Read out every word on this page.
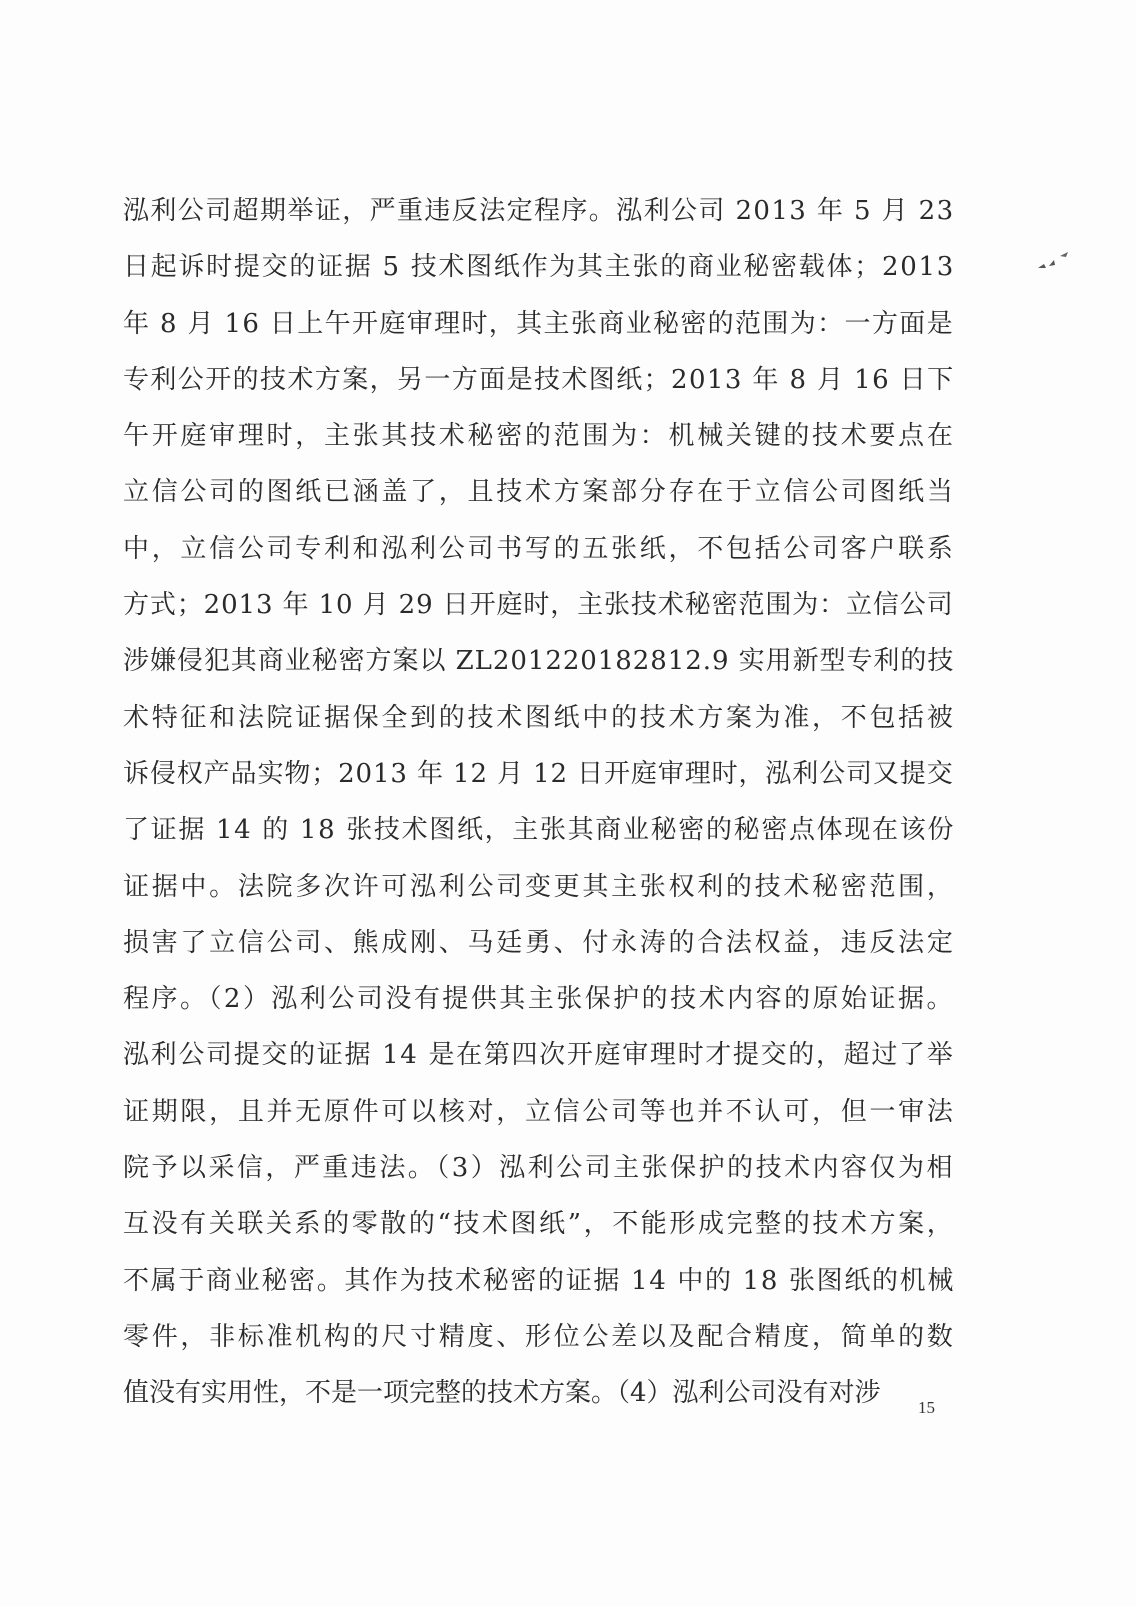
泓利公司超期举证，严重违反法定程序。泓利公司 2013 年 5 月 23
日起诉时提交的证据 5 技术图纸作为其主张的商业秘密载体；2013
年 8 月 16 日上午开庭审理时，其主张商业秘密的范围为：一方面是
专利公开的技术方案，另一方面是技术图纸；2013 年 8 月 16 日下
午开庭审理时，主张其技术秘密的范围为：机械关键的技术要点在
立信公司的图纸已涵盖了，且技术方案部分存在于立信公司图纸当
中，立信公司专利和泓利公司书写的五张纸，不包括公司客户联系
方式；2013 年 10 月 29 日开庭时，主张技术秘密范围为：立信公司
涉嫌侵犯其商业秘密方案以 ZL201220182812.9 实用新型专利的技
术特征和法院证据保全到的技术图纸中的技术方案为准，不包括被
诉侵权产品实物；2013 年 12 月 12 日开庭审理时，泓利公司又提交
了证据 14 的 18 张技术图纸，主张其商业秘密的秘密点体现在该份
证据中。法院多次许可泓利公司变更其主张权利的技术秘密范围，
损害了立信公司、熊成刚、马廷勇、付永涛的合法权益，违反法定
程序。（2）泓利公司没有提供其主张保护的技术内容的原始证据。
泓利公司提交的证据 14 是在第四次开庭审理时才提交的，超过了举
证期限，且并无原件可以核对，立信公司等也并不认可，但一审法
院予以采信，严重违法。（3）泓利公司主张保护的技术内容仅为相
互没有关联关系的零散的“技术图纸”，不能形成完整的技术方案，
不属于商业秘密。其作为技术秘密的证据 14 中的 18 张图纸的机械
零件，非标准机构的尺寸精度、形位公差以及配合精度，简单的数
值没有实用性，不是一项完整的技术方案。（4）泓利公司没有对涉 15
